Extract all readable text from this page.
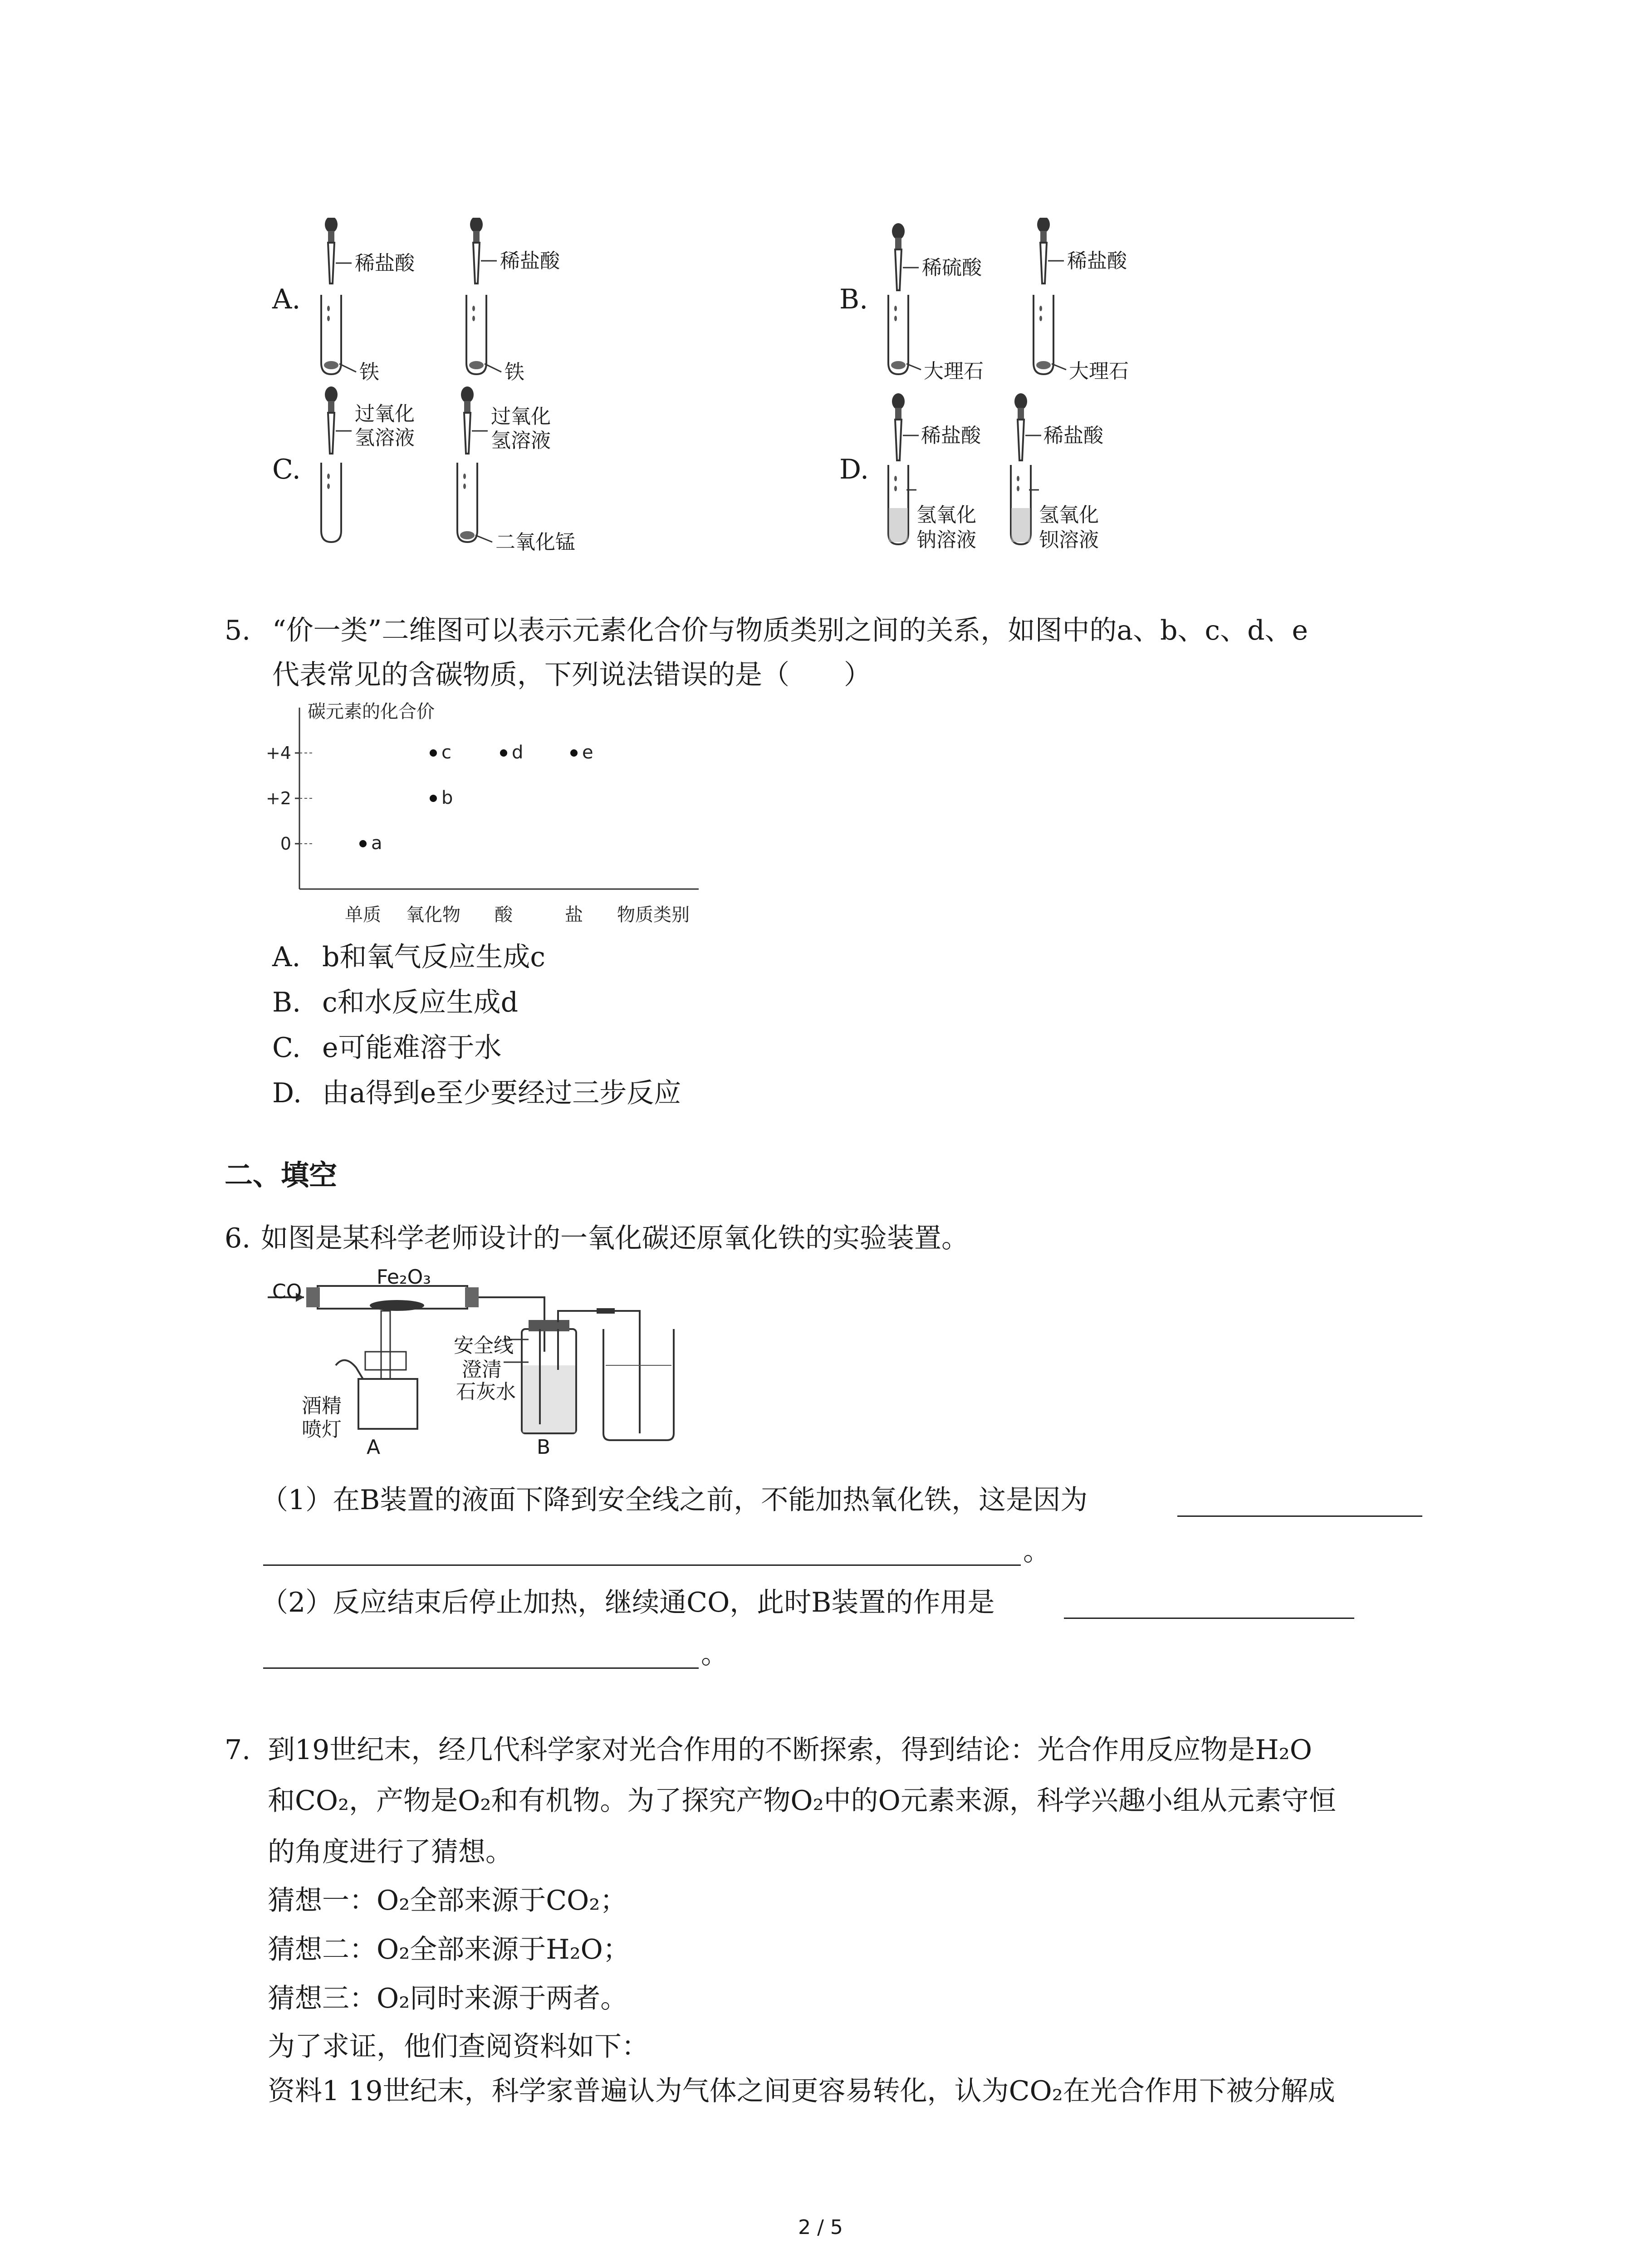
A.
稀盐酸
铁
稀盐酸
铁
B.
稀硫酸
大理石
稀盐酸
大理石
C.
过氧化
氢溶液
过氧化
氢溶液
二氧化锰
D.
稀盐酸
氢氧化
钠溶液
稀盐酸
氢氧化
钡溶液
5. “价一类”二维图可以表示元素化合价与物质类别之间的关系，如图中的a、b、c、d、e
代表常见的含碳物质，下列说法错误的是（　　）
碳元素的化合价
物质类别
+4
+2
0
单质 氧化物 酸	盐
a
b
c	d	e
A. b和氧气反应生成c
B. c和水反应生成d
C. e可能难溶于水
D. 由a得到e至少要经过三步反应
二、填空
6. 如图是某科学老师设计的一氧化碳还原氧化铁的实验装置。
CO
Fe₂O₃
安全线
澄清
石灰水
酒精
喷灯
A	B
（1）在B装置的液面下降到安全线之前，不能加热氧化铁，这是因为
。
（2）反应结束后停止加热，继续通CO，此时B装置的作用是
。
7. 到19世纪末，经几代科学家对光合作用的不断探索，得到结论：光合作用反应物是H₂O
和CO₂，产物是O₂和有机物。为了探究产物O₂中的O元素来源，科学兴趣小组从元素守恒
的角度进行了猜想。
猜想一：O₂全部来源于CO₂；
猜想二：O₂全部来源于H₂O；
猜想三：O₂同时来源于两者。
为了求证，他们查阅资料如下：
资料1 19世纪末，科学家普遍认为气体之间更容易转化，认为CO₂在光合作用下被分解成
2 / 5
